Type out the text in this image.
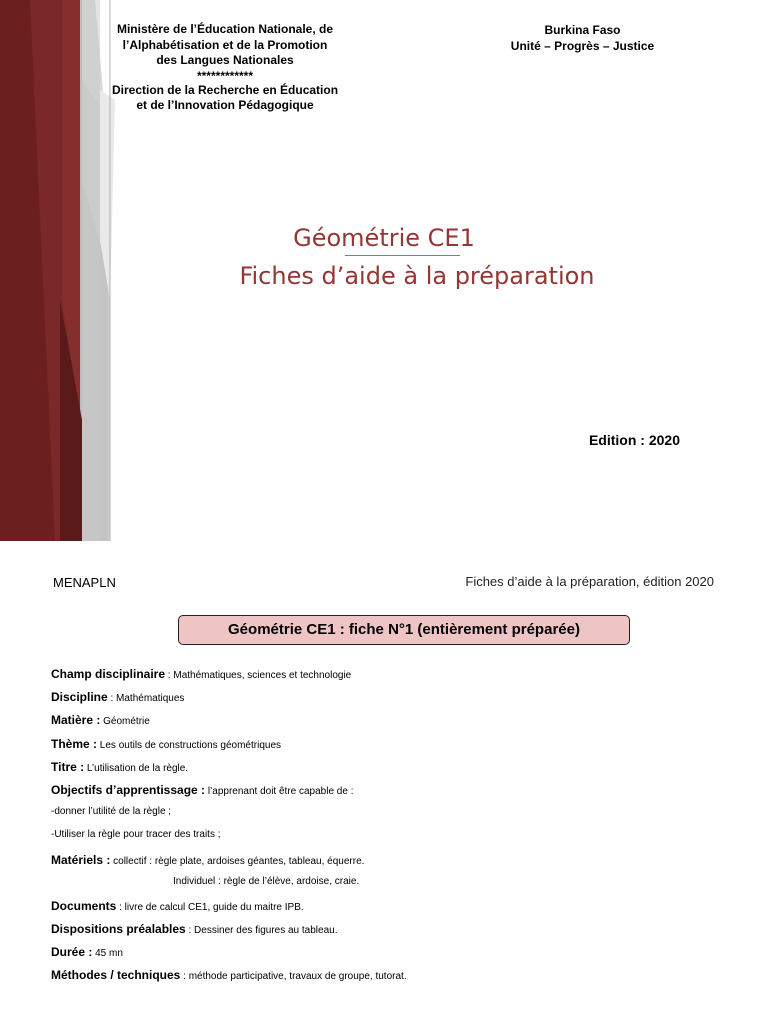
Ministère de l’Éducation Nationale, de
l’Alphabétisation et de la Promotion
des Langues Nationales
************
Direction de la Recherche en Éducation
et de l’Innovation Pédagogique
Burkina Faso
Unité – Progrès – Justice
Géométrie CE1
Fiches d’aide à la préparation
Edition : 2020
MENAPLN	Fiches d’aide à la préparation, édition 2020
Géométrie CE1 : fiche N°1 (entièrement préparée)
Champ disciplinaire : Mathématiques, sciences et technologie
Discipline : Mathématiques
Matière : Géométrie
Thème : Les outils de constructions géométriques
Titre : L’utilisation de la règle.
Objectifs d’apprentissage : l’apprenant doit être capable de :
-donner l’utilité de la règle ;
-Utiliser la règle pour tracer des traits ;
Matériels : collectif : règle plate, ardoises géantes, tableau, équerre.
Individuel : règle de l’élève, ardoise, craie.
Documents : livre de calcul CE1, guide du maitre IPB.
Dispositions préalables : Dessiner des figures au tableau.
Durée : 45 mn
Méthodes / techniques : méthode participative, travaux de groupe, tutorat.
